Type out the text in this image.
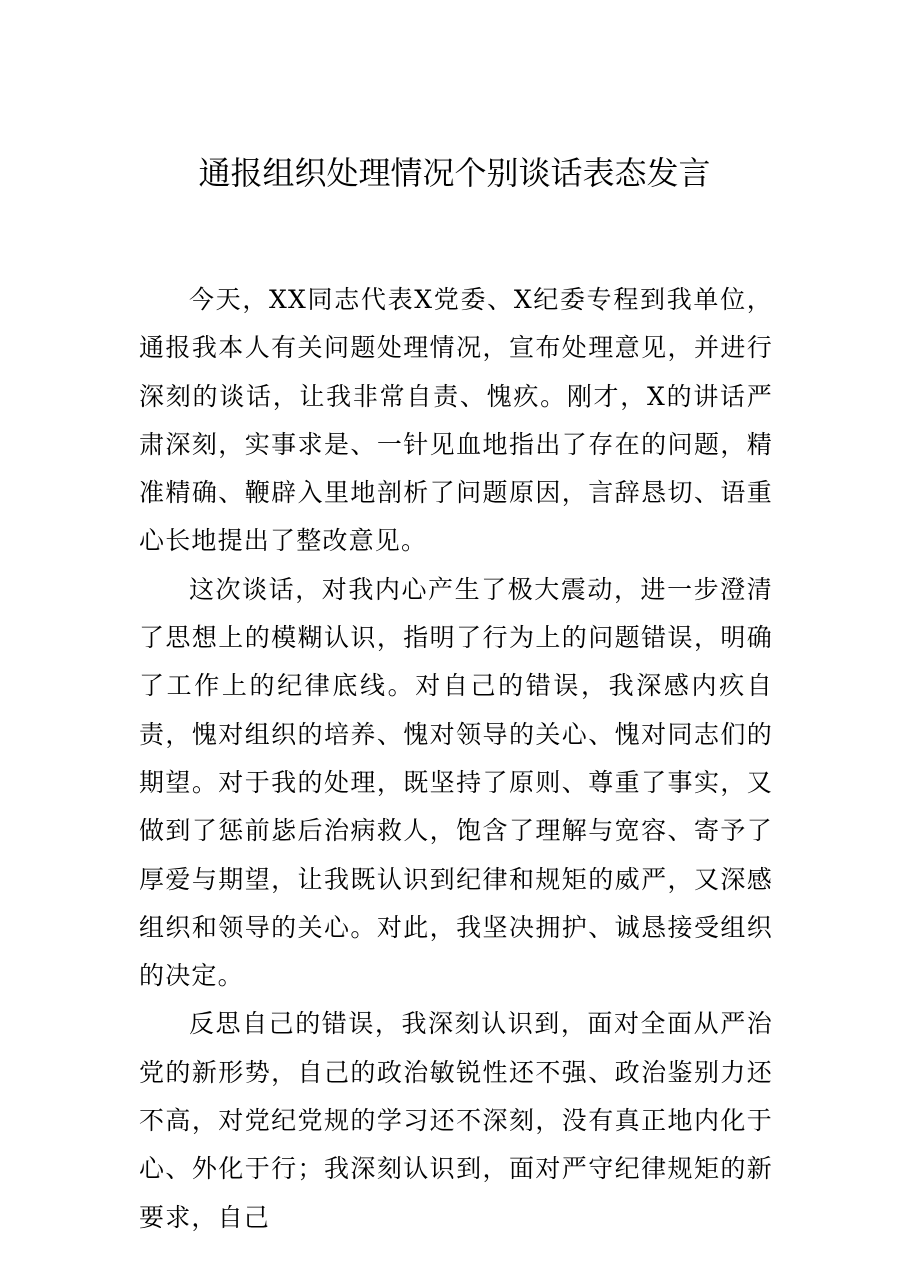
通报组织处理情况个别谈话表态发言

今天，XX同志代表X党委、X纪委专程到我单位，通报我本人有关问题处理情况，宣布处理意见，并进行深刻的谈话，让我非常自责、愧疚。刚才，X的讲话严肃深刻，实事求是、一针见血地指出了存在的问题，精准精确、鞭辟入里地剖析了问题原因，言辞恳切、语重心长地提出了整改意见。

这次谈话，对我内心产生了极大震动，进一步澄清了思想上的模糊认识，指明了行为上的问题错误，明确了工作上的纪律底线。对自己的错误，我深感内疚自责，愧对组织的培养、愧对领导的关心、愧对同志们的期望。对于我的处理，既坚持了原则、尊重了事实，又做到了惩前毖后治病救人，饱含了理解与宽容、寄予了厚爱与期望，让我既认识到纪律和规矩的威严，又深感组织和领导的关心。对此，我坚决拥护、诚恳接受组织的决定。

反思自己的错误，我深刻认识到，面对全面从严治党的新形势，自己的政治敏锐性还不强、政治鉴别力还不高，对党纪党规的学习还不深刻，没有真正地内化于心、外化于行；我深刻认识到，面对严守纪律规矩的新要求，自己
